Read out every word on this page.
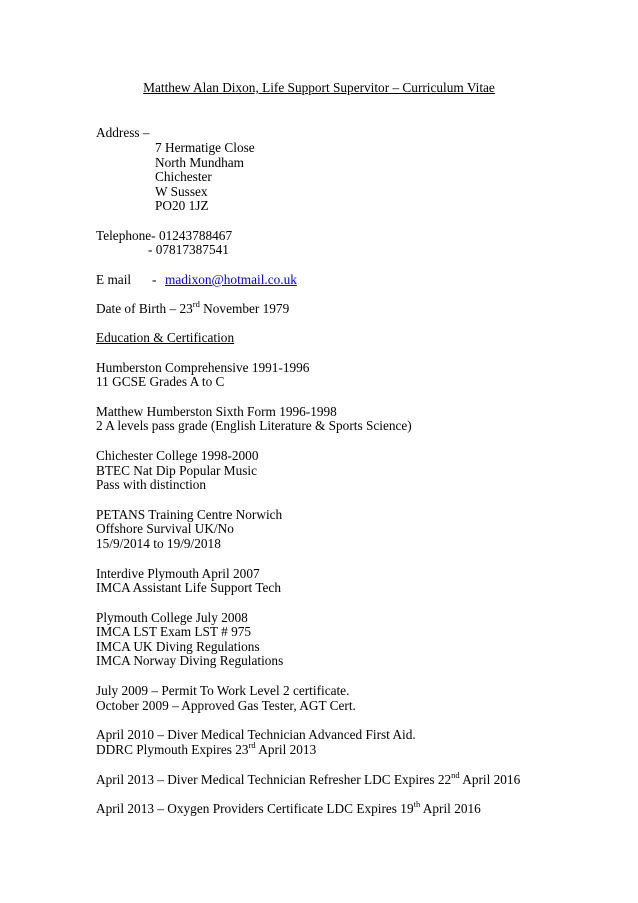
Matthew Alan Dixon, Life Support Supervitor – Curriculum Vitae
Address –
7 Hermatige Close
North Mundham
Chichester
W Sussex
PO20 1JZ
Telephone- 01243788467
- 07817387541
E mail - madixon@hotmail.co.uk
Date of Birth – 23rd November 1979
Education & Certification
Humberston Comprehensive 1991-1996
11 GCSE Grades A to C
Matthew Humberston Sixth Form 1996-1998
2 A levels pass grade (English Literature & Sports Science)
Chichester College 1998-2000
BTEC Nat Dip Popular Music
Pass with distinction
PETANS Training Centre Norwich
Offshore Survival UK/No
15/9/2014 to 19/9/2018
Interdive Plymouth April 2007
IMCA Assistant Life Support Tech
Plymouth College July 2008
IMCA LST Exam LST # 975
IMCA UK Diving Regulations
IMCA Norway Diving Regulations
July 2009 – Permit To Work Level 2 certificate.
October 2009 – Approved Gas Tester, AGT Cert.
April 2010 – Diver Medical Technician Advanced First Aid.
DDRC Plymouth Expires 23rd April 2013
April 2013 – Diver Medical Technician Refresher LDC Expires 22nd April 2016
April 2013 – Oxygen Providers Certificate LDC Expires 19th April 2016
